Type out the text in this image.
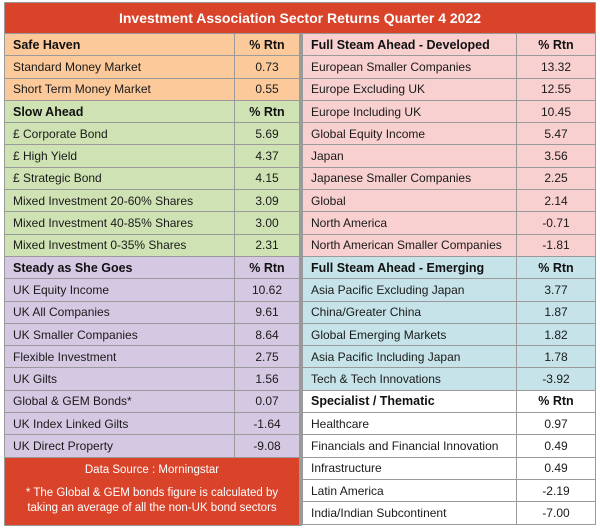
Investment Association Sector Returns Quarter 4 2022
Safe Haven	% Rtn
Standard Money Market	0.73
Short Term Money Market	0.55
Slow Ahead	% Rtn
£ Corporate Bond	5.69
£ High Yield	4.37
£ Strategic Bond	4.15
Mixed Investment 20-60% Shares	3.09
Mixed Investment 40-85% Shares	3.00
Mixed Investment 0-35% Shares	2.31
Steady as She Goes	% Rtn
UK Equity Income	10.62
UK All Companies	9.61
UK Smaller Companies	8.64
Flexible Investment	2.75
UK Gilts	1.56
Global & GEM Bonds*	0.07
UK Index Linked Gilts	-1.64
UK Direct Property	-9.08
Data Source : Morningstar
* The Global & GEM bonds figure is calculated by taking an average of all the non-UK bond sectors
Full Steam Ahead - Developed	% Rtn
European Smaller Companies	13.32
Europe Excluding UK	12.55
Europe Including UK	10.45
Global Equity Income	5.47
Japan	3.56
Japanese Smaller Companies	2.25
Global	2.14
North America	-0.71
North American Smaller Companies	-1.81
Full Steam Ahead - Emerging	% Rtn
Asia Pacific Excluding Japan	3.77
China/Greater China	1.87
Global Emerging Markets	1.82
Asia Pacific Including Japan	1.78
Tech & Tech Innovations	-3.92
Specialist / Thematic	% Rtn
Healthcare	0.97
Financials and Financial Innovation	0.49
Infrastructure	0.49
Latin America	-2.19
India/Indian Subcontinent	-7.00
